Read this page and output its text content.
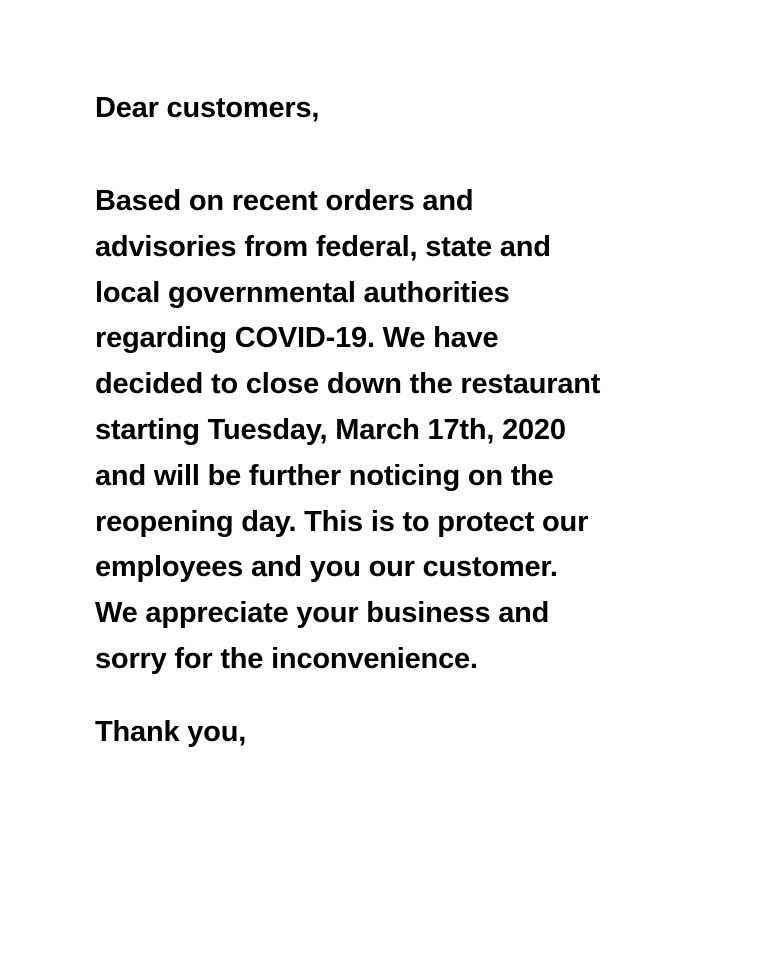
Dear customers,

Based on recent orders and
advisories from federal, state and
local governmental authorities
regarding COVID-19. We have
decided to close down the restaurant
starting Tuesday, March 17th, 2020
and will be further noticing on the
reopening day. This is to protect our
employees and you our customer.
We appreciate your business and
sorry for the inconvenience.

Thank you,
